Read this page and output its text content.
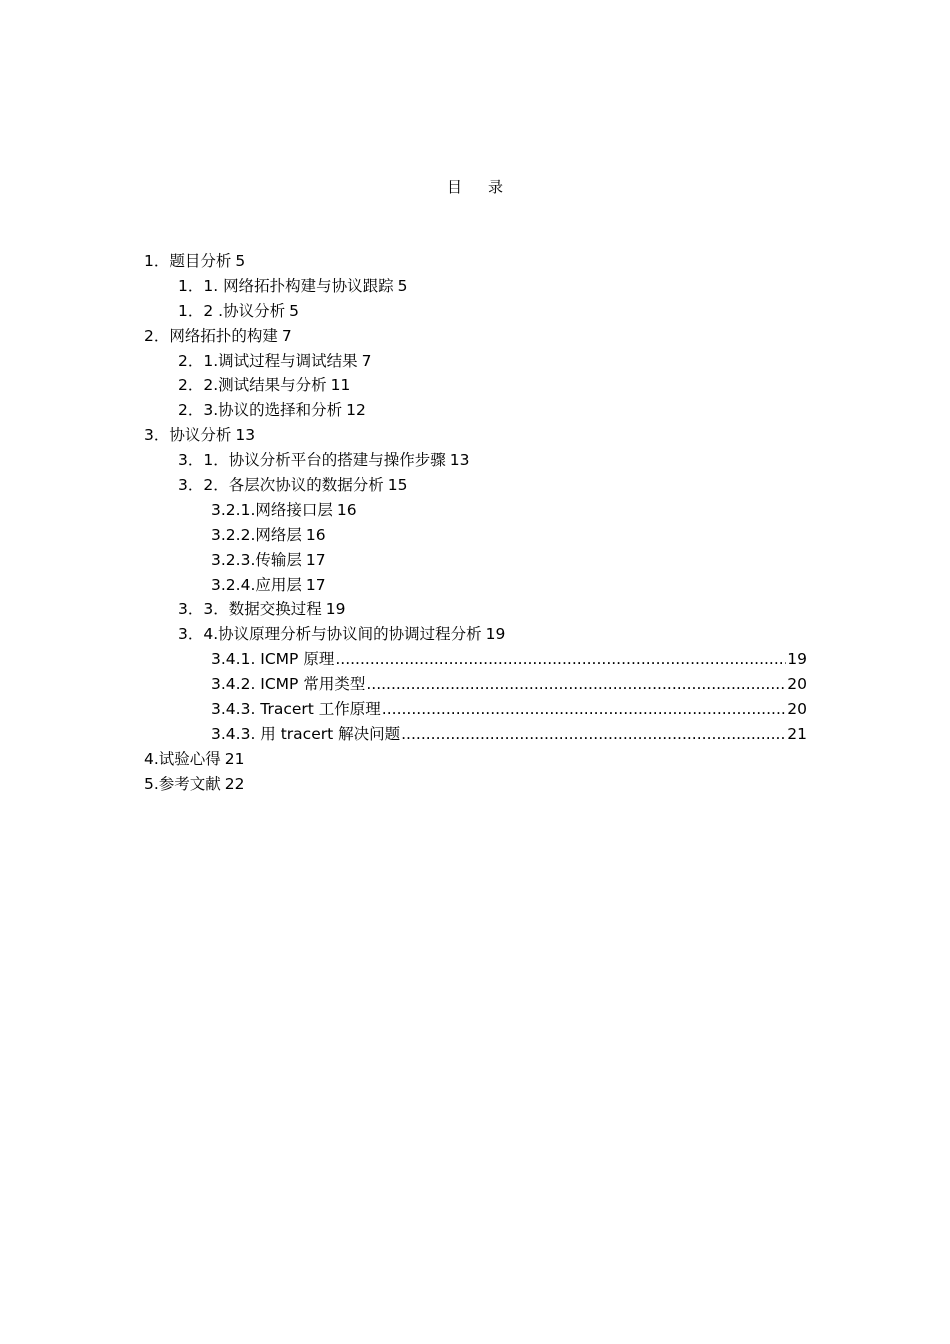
目录
1．题目分析 5
1．1. 网络拓扑构建与协议跟踪 5
1．2 .协议分析 5
2．网络拓扑的构建 7
2．1.调试过程与调试结果 7
2．2.测试结果与分析 11
2．3.协议的选择和分析 12
3．协议分析 13
3．1．协议分析平台的搭建与操作步骤 13
3．2．各层次协议的数据分析 15
3.2.1.网络接口层 16
3.2.2.网络层 16
3.2.3.传输层 17
3.2.4.应用层 17
3．3．数据交换过程 19
3．4.协议原理分析与协议间的协调过程分析 19
3.4.1. ICMP 原理 .....	19
3.4.2. ICMP 常用类型 .....	20
3.4.3. Tracert 工作原理 .....	20
3.4.3. 用 tracert 解决问题 .....	21
4.试验心得 21
5.参考文献 22
